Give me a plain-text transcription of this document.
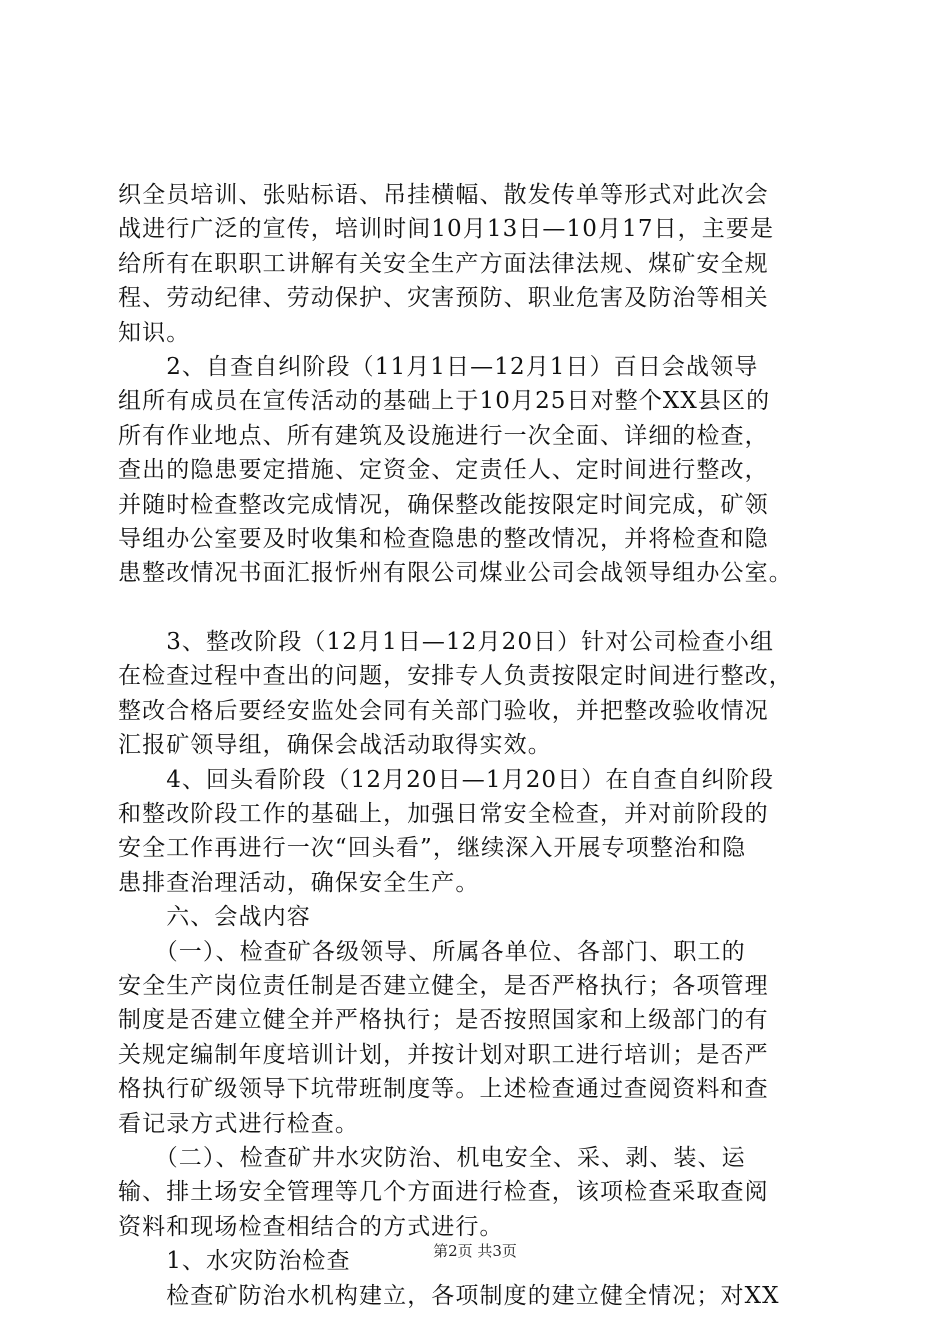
织全员培训、张贴标语、吊挂横幅、散发传单等形式对此次会
战进行广泛的宣传，培训时间10月13日—10月17日，主要是
给所有在职职工讲解有关安全生产方面法律法规、煤矿安全规
程、劳动纪律、劳动保护、灾害预防、职业危害及防治等相关
知识。
　　2、自查自纠阶段（11月1日—12月1日）百日会战领导
组所有成员在宣传活动的基础上于10月25日对整个XX县区的
所有作业地点、所有建筑及设施进行一次全面、详细的检查，
查出的隐患要定措施、定资金、定责任人、定时间进行整改，
并随时检查整改完成情况，确保整改能按限定时间完成，矿领
导组办公室要及时收集和检查隐患的整改情况，并将检查和隐
患整改情况书面汇报忻州有限公司煤业公司会战领导组办公室。
　　3、整改阶段（12月1日—12月20日）针对公司检查小组
在检查过程中查出的问题，安排专人负责按限定时间进行整改，
整改合格后要经安监处会同有关部门验收，并把整改验收情况
汇报矿领导组，确保会战活动取得实效。
　　4、回头看阶段（12月20日—1月20日）在自查自纠阶段
和整改阶段工作的基础上，加强日常安全检查，并对前阶段的
安全工作再进行一次“回头看”，继续深入开展专项整治和隐
患排查治理活动，确保安全生产。
　　六、会战内容
　　（一）、检查矿各级领导、所属各单位、各部门、职工的
安全生产岗位责任制是否建立健全，是否严格执行；各项管理
制度是否建立健全并严格执行；是否按照国家和上级部门的有
关规定编制年度培训计划，并按计划对职工进行培训；是否严
格执行矿级领导下坑带班制度等。上述检查通过查阅资料和查
看记录方式进行检查。
　　（二）、检查矿井水灾防治、机电安全、采、剥、装、运
输、排土场安全管理等几个方面进行检查，该项检查采取查阅
资料和现场检查相结合的方式进行。
　　1、水灾防治检查
　　检查矿防治水机构建立，各项制度的建立健全情况；对XX
第2页 共3页
